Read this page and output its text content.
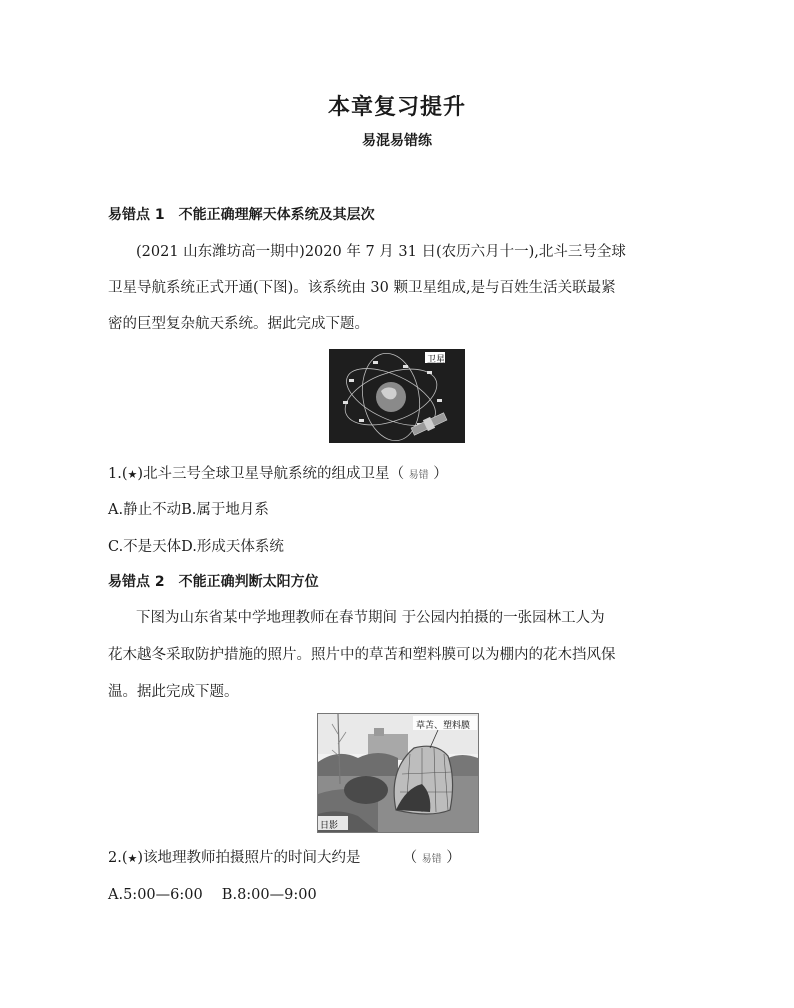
本章复习提升
易混易错练
易错点 1 不能正确理解天体系统及其层次
(2021 山东潍坊高一期中)2020 年 7 月 31 日(农历六月十一),北斗三号全球
卫星导航系统正式开通(下图)。该系统由 30 颗卫星组成,是与百姓生活关联最紧
密的巨型复杂航天系统。据此完成下题。
卫星
1.(★)北斗三号全球卫星导航系统的组成卫星（ 易错 ）
A.静止不动B.属于地月系
C.不是天体D.形成天体系统
易错点 2 不能正确判断太阳方位
下图为山东省某中学地理教师在春节期间 于公园内拍摄的一张园林工人为
花木越冬采取防护措施的照片。照片中的草苫和塑料膜可以为棚内的花木挡风保
温。据此完成下题。
草苫、塑料膜
日影
2.(★)该地理教师拍摄照片的时间大约是	（ 易错 ）
A.5:00—6:00　 B.8:00—9:00
